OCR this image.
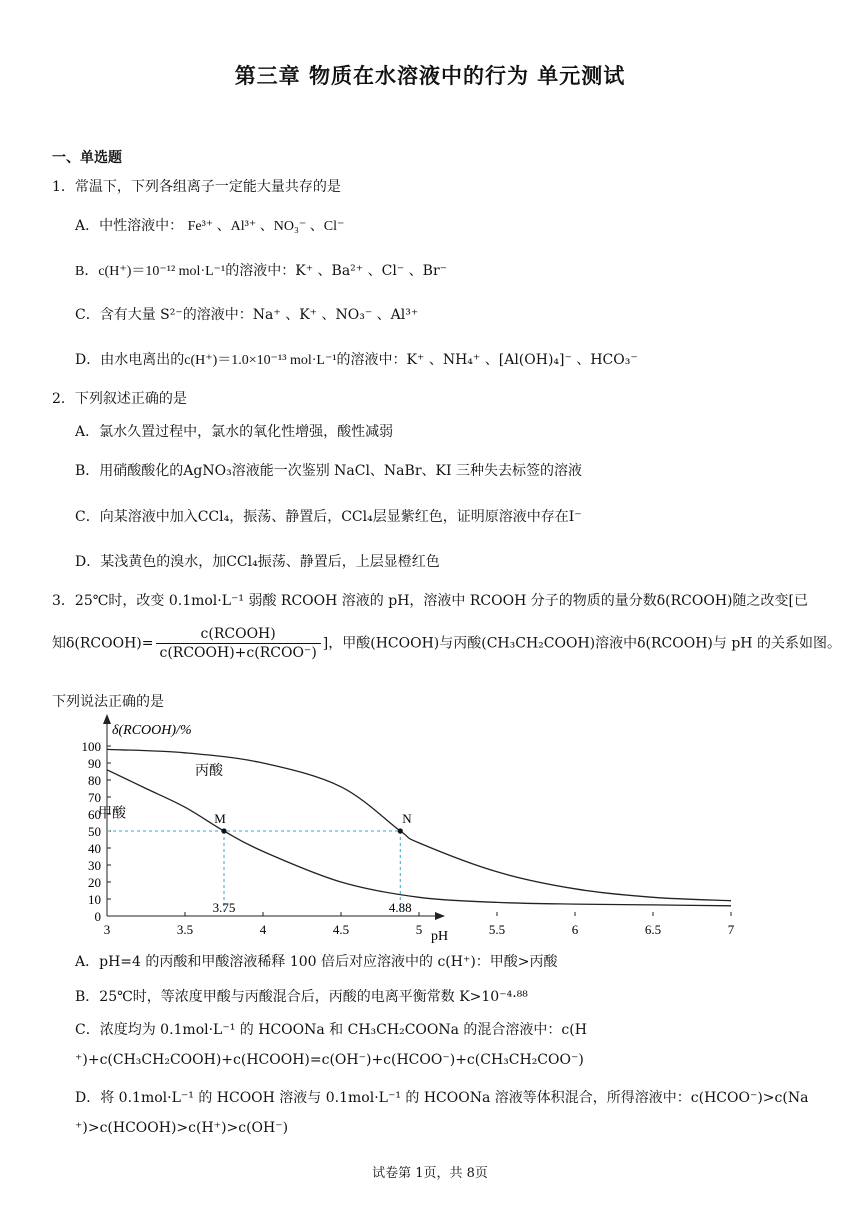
第三章 物质在水溶液中的行为 单元测试
一、单选题
1．常温下，下列各组离子一定能大量共存的是
A．中性溶液中： Fe³⁺ 、Al³⁺ 、NO₃⁻ 、Cl⁻
B．c(H⁺)＝10⁻¹² mol·L⁻¹的溶液中：K⁺ 、Ba²⁺ 、Cl⁻ 、Br⁻
C．含有大量 S²⁻的溶液中：Na⁺ 、K⁺ 、NO₃⁻ 、Al³⁺
D．由水电离出的c(H⁺)＝1.0×10⁻¹³ mol·L⁻¹的溶液中：K⁺ 、NH₄⁺ 、[Al(OH)₄]⁻ 、HCO₃⁻
2．下列叙述正确的是
A．氯水久置过程中，氯水的氧化性增强，酸性减弱
B．用硝酸酸化的AgNO₃溶液能一次鉴别 NaCl、NaBr、KI 三种失去标签的溶液
C．向某溶液中加入CCl₄，振荡、静置后，CCl₄层显紫红色，证明原溶液中存在I⁻
D．某浅黄色的溴水，加CCl₄振荡、静置后，上层显橙红色
3．25℃时，改变 0.1mol·L⁻¹ 弱酸 RCOOH 溶液的 pH，溶液中 RCOOH 分子的物质的量分数δ(RCOOH)随之改变[已
知δ(RCOOH)= $\frac{\text{c(RCOOH)}}{\text{c(RCOOH)+c(RCOO⁻)}}$ ]，甲酸(HCOOH)与丙酸(CH₃CH₂COOH)溶液中δ(RCOOH)与 pH 的关系如图。
下列说法正确的是
0
10
20
30
40
50
60
70
80
90
100
3	3.5	4	4.5	5	5.5	6	6.5	7
δ(RCOOH)/%
pH
甲酸
丙酸
M	N
3.75	4.88
A．pH=4 的丙酸和甲酸溶液稀释 100 倍后对应溶液中的 c(H⁺)：甲酸>丙酸
B．25℃时，等浓度甲酸与丙酸混合后，丙酸的电离平衡常数 K>10⁻⁴·⁸⁸
C．浓度均为 0.1mol·L⁻¹ 的 HCOONa 和 CH₃CH₂COONa 的混合溶液中：c(H
⁺)+c(CH₃CH₂COOH)+c(HCOOH)=c(OH⁻)+c(HCOO⁻)+c(CH₃CH₂COO⁻)
D．将 0.1mol·L⁻¹ 的 HCOOH 溶液与 0.1mol·L⁻¹ 的 HCOONa 溶液等体积混合，所得溶液中：c(HCOO⁻)>c(Na
⁺)>c(HCOOH)>c(H⁺)>c(OH⁻)
试卷第 1页，共 8页
